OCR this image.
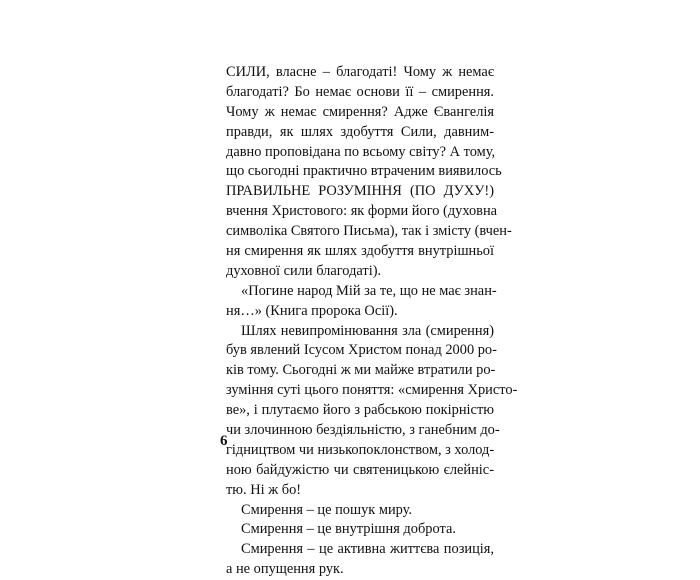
СИЛИ, власне – благодаті! Чому ж немає
благодаті? Бо немає основи її – смирення.
Чому ж немає смирення? Адже Євангелія
правди, як шлях здобуття Сили, давним-
давно проповідана по всьому світу? А тому,
що сьогодні практично втраченим виявилось
ПРАВИЛЬНЕ РОЗУМІННЯ (ПО ДУХУ!)
вчення Христового: як форми його (духовна
символіка Святого Письма), так і змісту (вчен-
ня смирення як шлях здобуття внутрішньої
духовної сили благодаті).
«Погине народ Мій за те, що не має знан-
ня…» (Книга пророка Осії).
Шлях невипромінювання зла (смирення)
був явлений Ісусом Христом понад 2000 ро-
ків тому. Сьогодні ж ми майже втратили ро-
зуміння суті цього поняття: «смирення Христо-
ве», і плутаємо його з рабською покірністю
чи злочинною бездіяльністю, з ганебним до-
гідництвом чи низькопоклонством, з холод-
ною байдужістю чи святеницькою єлейніс-
тю. Ні ж бо!
Смирення – це пошук миру.
Смирення – це внутрішня доброта.
Смирення – це активна життєва позиція,
а не опущення рук.
6
